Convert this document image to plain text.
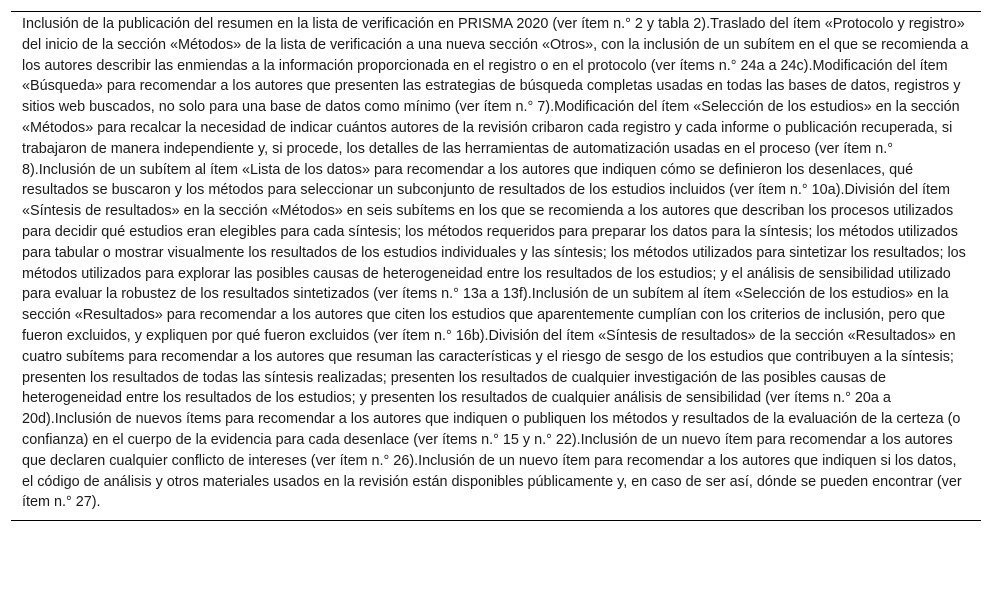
Inclusión de la publicación del resumen en la lista de verificación en PRISMA 2020 (ver ítem n.° 2 y tabla 2).Traslado del ítem «Protocolo y registro» del inicio de la sección «Métodos» de la lista de verificación a una nueva sección «Otros», con la inclusión de un subítem en el que se recomienda a los autores describir las enmiendas a la información proporcionada en el registro o en el protocolo (ver ítems n.° 24a a 24c).Modificación del ítem «Búsqueda» para recomendar a los autores que presenten las estrategias de búsqueda completas usadas en todas las bases de datos, registros y sitios web buscados, no solo para una base de datos como mínimo (ver ítem n.° 7).Modificación del ítem «Selección de los estudios» en la sección «Métodos» para recalcar la necesidad de indicar cuántos autores de la revisión cribaron cada registro y cada informe o publicación recuperada, si trabajaron de manera independiente y, si procede, los detalles de las herramientas de automatización usadas en el proceso (ver ítem n.° 8).Inclusión de un subítem al ítem «Lista de los datos» para recomendar a los autores que indiquen cómo se definieron los desenlaces, qué resultados se buscaron y los métodos para seleccionar un subconjunto de resultados de los estudios incluidos (ver ítem n.° 10a).División del ítem «Síntesis de resultados» en la sección «Métodos» en seis subítems en los que se recomienda a los autores que describan los procesos utilizados para decidir qué estudios eran elegibles para cada síntesis; los métodos requeridos para preparar los datos para la síntesis; los métodos utilizados para tabular o mostrar visualmente los resultados de los estudios individuales y las síntesis; los métodos utilizados para sintetizar los resultados; los métodos utilizados para explorar las posibles causas de heterogeneidad entre los resultados de los estudios; y el análisis de sensibilidad utilizado para evaluar la robustez de los resultados sintetizados (ver ítems n.° 13a a 13f).Inclusión de un subítem al ítem «Selección de los estudios» en la sección «Resultados» para recomendar a los autores que citen los estudios que aparentemente cumplían con los criterios de inclusión, pero que fueron excluidos, y expliquen por qué fueron excluidos (ver ítem n.° 16b).División del ítem «Síntesis de resultados» de la sección «Resultados» en cuatro subítems para recomendar a los autores que resuman las características y el riesgo de sesgo de los estudios que contribuyen a la síntesis; presenten los resultados de todas las síntesis realizadas; presenten los resultados de cualquier investigación de las posibles causas de heterogeneidad entre los resultados de los estudios; y presenten los resultados de cualquier análisis de sensibilidad (ver ítems n.° 20a a 20d).Inclusión de nuevos ítems para recomendar a los autores que indiquen o publiquen los métodos y resultados de la evaluación de la certeza (o confianza) en el cuerpo de la evidencia para cada desenlace (ver ítems n.° 15 y n.° 22).Inclusión de un nuevo ítem para recomendar a los autores que declaren cualquier conflicto de intereses (ver ítem n.° 26).Inclusión de un nuevo ítem para recomendar a los autores que indiquen si los datos, el código de análisis y otros materiales usados en la revisión están disponibles públicamente y, en caso de ser así, dónde se pueden encontrar (ver ítem n.° 27).
